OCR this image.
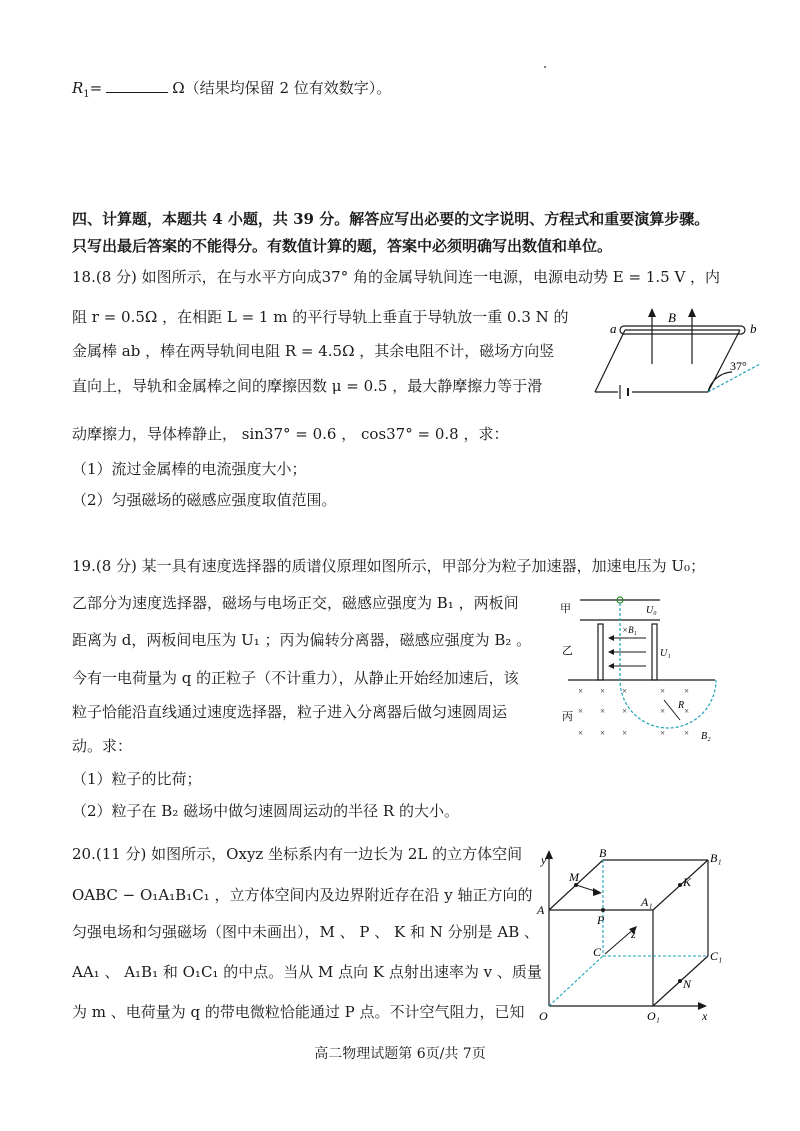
$R_1=$	Ω（结果均保留 2 位有效数字）。
四、计算题，本题共 4 小题，共 39 分。解答应写出必要的文字说明、方程式和重要演算步骤。
只写出最后答案的不能得分。有数值计算的题，答案中必须明确写出数值和单位。
18.(8 分) 如图所示，在与水平方向成37° 角的金属导轨间连一电源，电源电动势 E = 1.5 V ，内
阻 r = 0.5Ω ，在相距 L = 1 m 的平行导轨上垂直于导轨放一重 0.3 N 的
金属棒 ab ，棒在两导轨间电阻 R = 4.5Ω ，其余电阻不计，磁场方向竖
直向上，导轨和金属棒之间的摩擦因数 μ = 0.5 ，最大静摩擦力等于滑
动摩擦力，导体棒静止， sin37° = 0.6 ， cos37° = 0.8 ，求：
（1）流过金属棒的电流强度大小；
（2）匀强磁场的磁感应强度取值范围。
a	b
B
37°
19.(8 分) 某一具有速度选择器的质谱仪原理如图所示，甲部分为粒子加速器，加速电压为 U₀；
乙部分为速度选择器，磁场与电场正交，磁感应强度为 B₁ ，两板间
距离为 d，两板间电压为 U₁ ；丙为偏转分离器，磁感应强度为 B₂ 。
今有一电荷量为 q 的正粒子（不计重力），从静止开始经加速后，该
粒子恰能沿直线通过速度选择器，粒子进入分离器后做匀速圆周运
动。求：
（1）粒子的比荷；
（2）粒子在 B₂ 磁场中做匀速圆周运动的半径 R 的大小。
× × ×	× ×
× × ×	× ×
× × ×	× ×
甲
乙
丙
U₀
×B₁
U₁
R
B₂
20.(11 分) 如图所示，Oxyz 坐标系内有一边长为 2L 的立方体空间
OABC − O₁A₁B₁C₁ ，立方体空间内及边界附近存在沿 y 轴正方向的
匀强电场和匀强磁场（图中未画出），M 、 P 、 K 和 N 分别是 AB 、
AA₁ 、 A₁B₁ 和 O₁C₁ 的中点。当从 M 点向 K 点射出速率为 v 、质量
为 m 、电荷量为 q 的带电微粒恰能通过 P 点。不计空气阻力，已知
y	B	B₁
M
A
A₁
K
P
z
C	C₁
N
O	O₁	x
高二物理试题第 6页/共 7页
